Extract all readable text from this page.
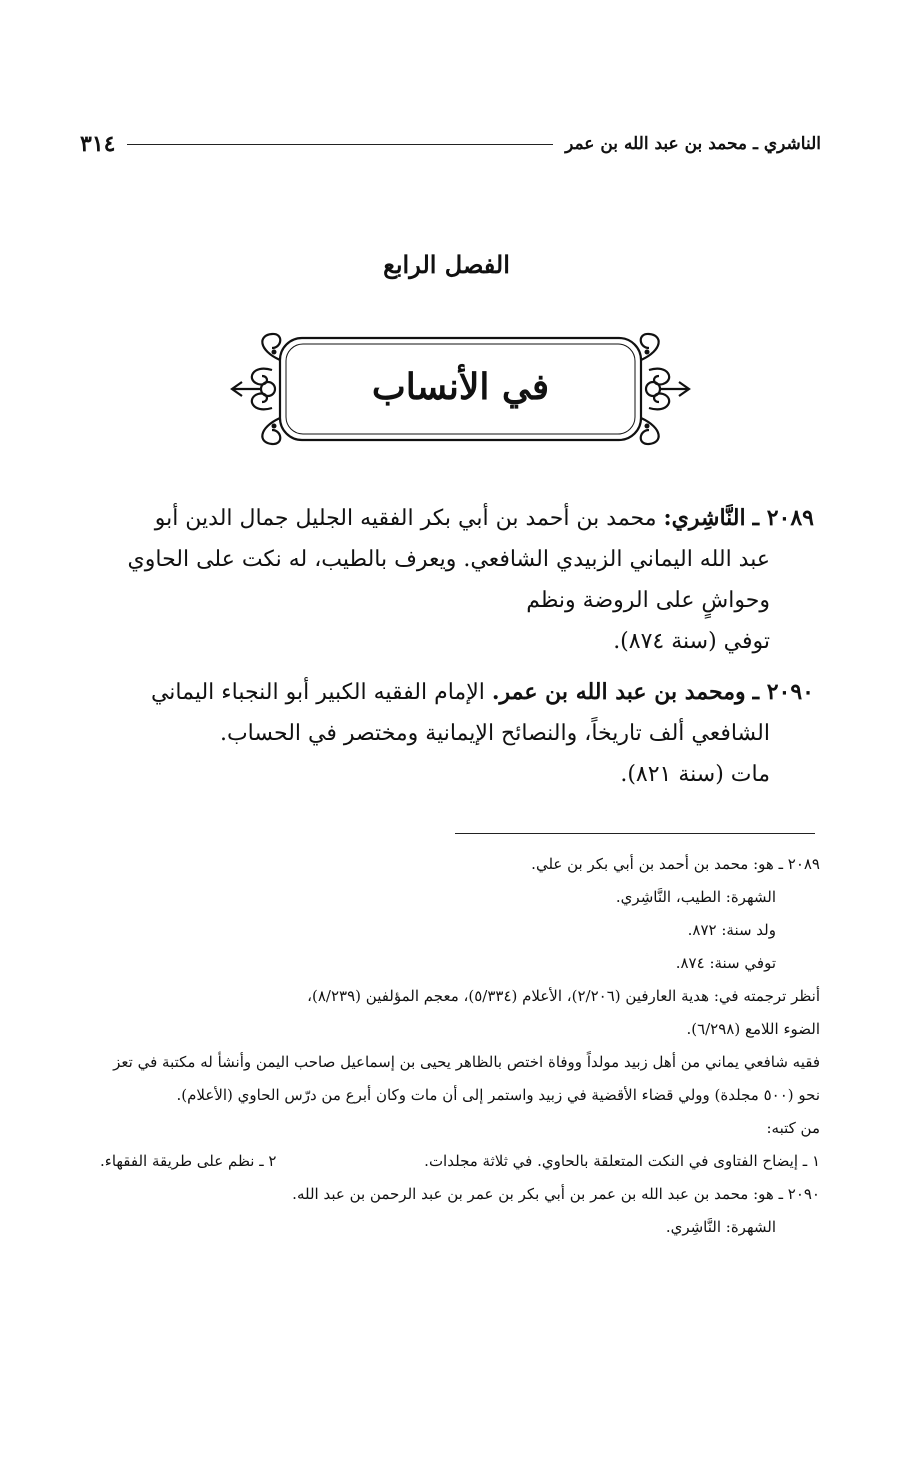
الناشري ـ محمد بن عبد الله بن عمر
٣١٤
الفصل الرابع
في الأنساب
٢٠٨٩ ـ النَّاشِري: محمد بن أحمد بن أبي بكر الفقيه الجليل جمال الدين أبو
عبد الله اليماني الزبيدي الشافعي. ويعرف بالطيب، له نكت على الحاوي
وحواشٍ على الروضة ونظم
توفي (سنة ٨٧٤).
٢٠٩٠ ـ ومحمد بن عبد الله بن عمر. الإمام الفقيه الكبير أبو النجباء اليماني
الشافعي ألف تاريخاً، والنصائح الإيمانية ومختصر في الحساب.
مات (سنة ٨٢١).
٢٠٨٩ ـ هو: محمد بن أحمد بن أبي بكر بن علي.
الشهرة: الطيب، النَّاشِري.
ولد سنة: ٨٧٢.
توفي سنة: ٨٧٤.
أنظر ترجمته في: هدية العارفين (٢/٢٠٦)، الأعلام (٥/٣٣٤)، معجم المؤلفين (٨/٢٣٩)،
الضوء اللامع (٦/٢٩٨).
فقيه شافعي يماني من أهل زبيد مولداً ووفاة اختص بالظاهر يحيى بن إسماعيل صاحب اليمن وأنشأ له مكتبة في تعز نحو (٥٠٠ مجلدة) وولي قضاء الأقضية في زبيد واستمر إلى أن مات وكان أبرع من درّس الحاوي (الأعلام).
من كتبه:
١ ـ إيضاح الفتاوى في النكت المتعلقة بالحاوي. في ثلاثة مجلدات.
٢ ـ نظم على طريقة الفقهاء.
٢٠٩٠ ـ هو: محمد بن عبد الله بن عمر بن أبي بكر بن عمر بن عبد الرحمن بن عبد الله.
الشهرة: النَّاشِري.
